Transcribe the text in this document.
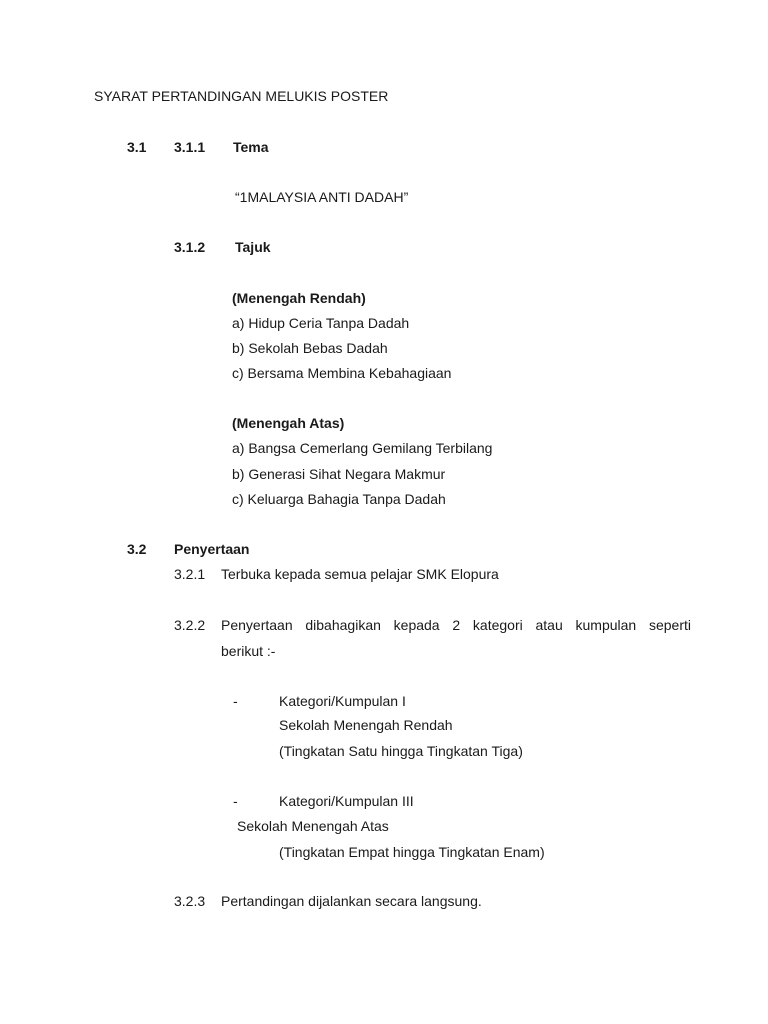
SYARAT PERTANDINGAN MELUKIS POSTER
3.1 3.1.1 Tema
“1MALAYSIA ANTI DADAH”
3.1.2 Tajuk
(Menengah Rendah)
a) Hidup Ceria Tanpa Dadah
b) Sekolah Bebas Dadah
c) Bersama Membina Kebahagiaan
(Menengah Atas)
a) Bangsa Cemerlang Gemilang Terbilang
b) Generasi Sihat Negara Makmur
c) Keluarga Bahagia Tanpa Dadah
3.2 Penyertaan
3.2.1 Terbuka kepada semua pelajar SMK Elopura
3.2.2 Penyertaan dibahagikan kepada 2 kategori atau kumpulan seperti
berikut :-
-	Kategori/Kumpulan I
Sekolah Menengah Rendah
(Tingkatan Satu hingga Tingkatan Tiga)
-	Kategori/Kumpulan III
Sekolah Menengah Atas
(Tingkatan Empat hingga Tingkatan Enam)
3.2.3 Pertandingan dijalankan secara langsung.
